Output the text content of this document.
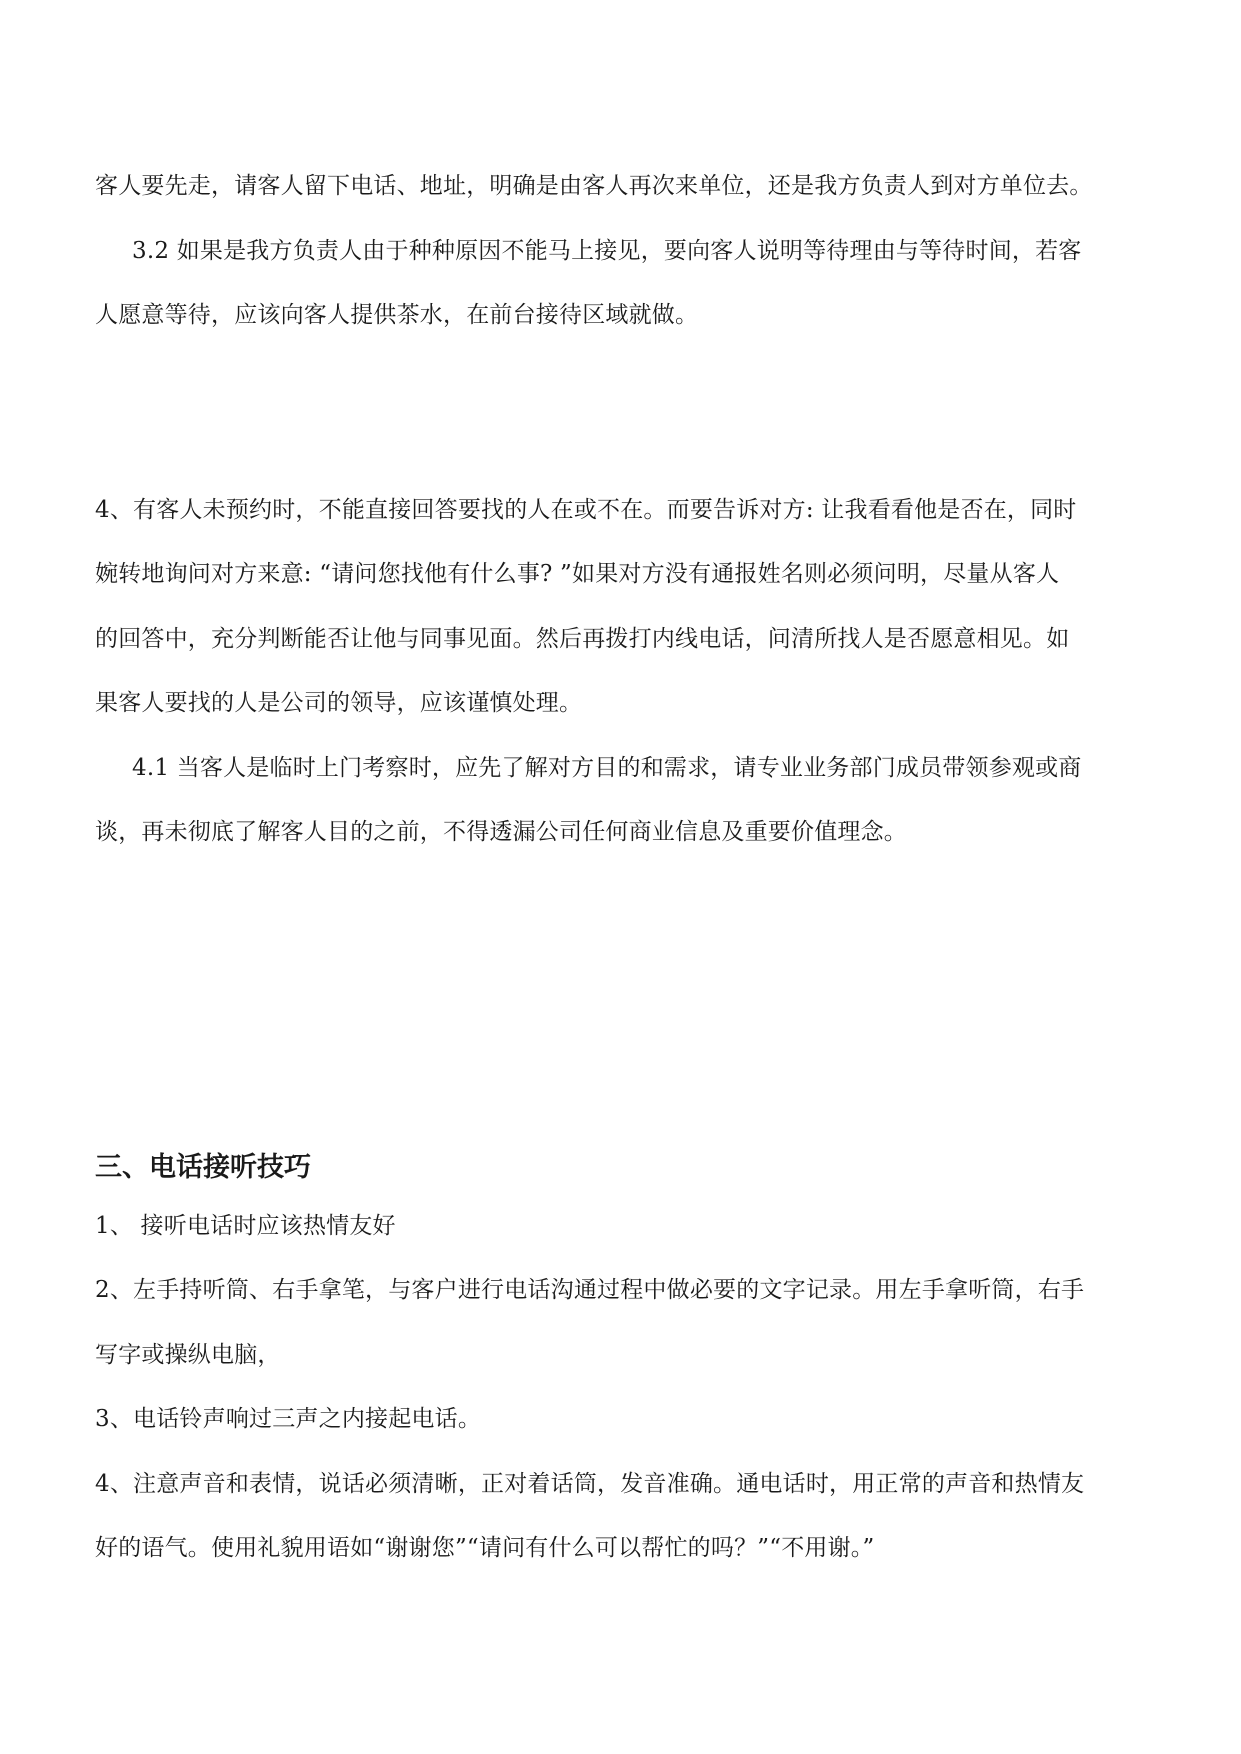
客人要先走，请客人留下电话、地址，明确是由客人再次来单位，还是我方负责人到对方单位去。
3.2 如果是我方负责人由于种种原因不能马上接见，要向客人说明等待理由与等待时间，若客
人愿意等待，应该向客人提供茶水，在前台接待区域就做。
4、有客人未预约时，不能直接回答要找的人在或不在。而要告诉对方: 让我看看他是否在，同时
婉转地询问对方来意: “请问您找他有什么事? ”如果对方没有通报姓名则必须问明，尽量从客人
的回答中，充分判断能否让他与同事见面。然后再拨打内线电话，问清所找人是否愿意相见。如
果客人要找的人是公司的领导，应该谨慎处理。
4.1 当客人是临时上门考察时，应先了解对方目的和需求，请专业业务部门成员带领参观或商
谈，再未彻底了解客人目的之前，不得透漏公司任何商业信息及重要价值理念。
三、电话接听技巧
1、 接听电话时应该热情友好
2、左手持听筒、右手拿笔，与客户进行电话沟通过程中做必要的文字记录。用左手拿听筒，右手
写字或操纵电脑，
3、电话铃声响过三声之内接起电话。
4、注意声音和表情，说话必须清晰，正对着话筒，发音准确。通电话时，用正常的声音和热情友
好的语气。使用礼貌用语如“谢谢您”“请问有什么可以帮忙的吗？”“不用谢。”
